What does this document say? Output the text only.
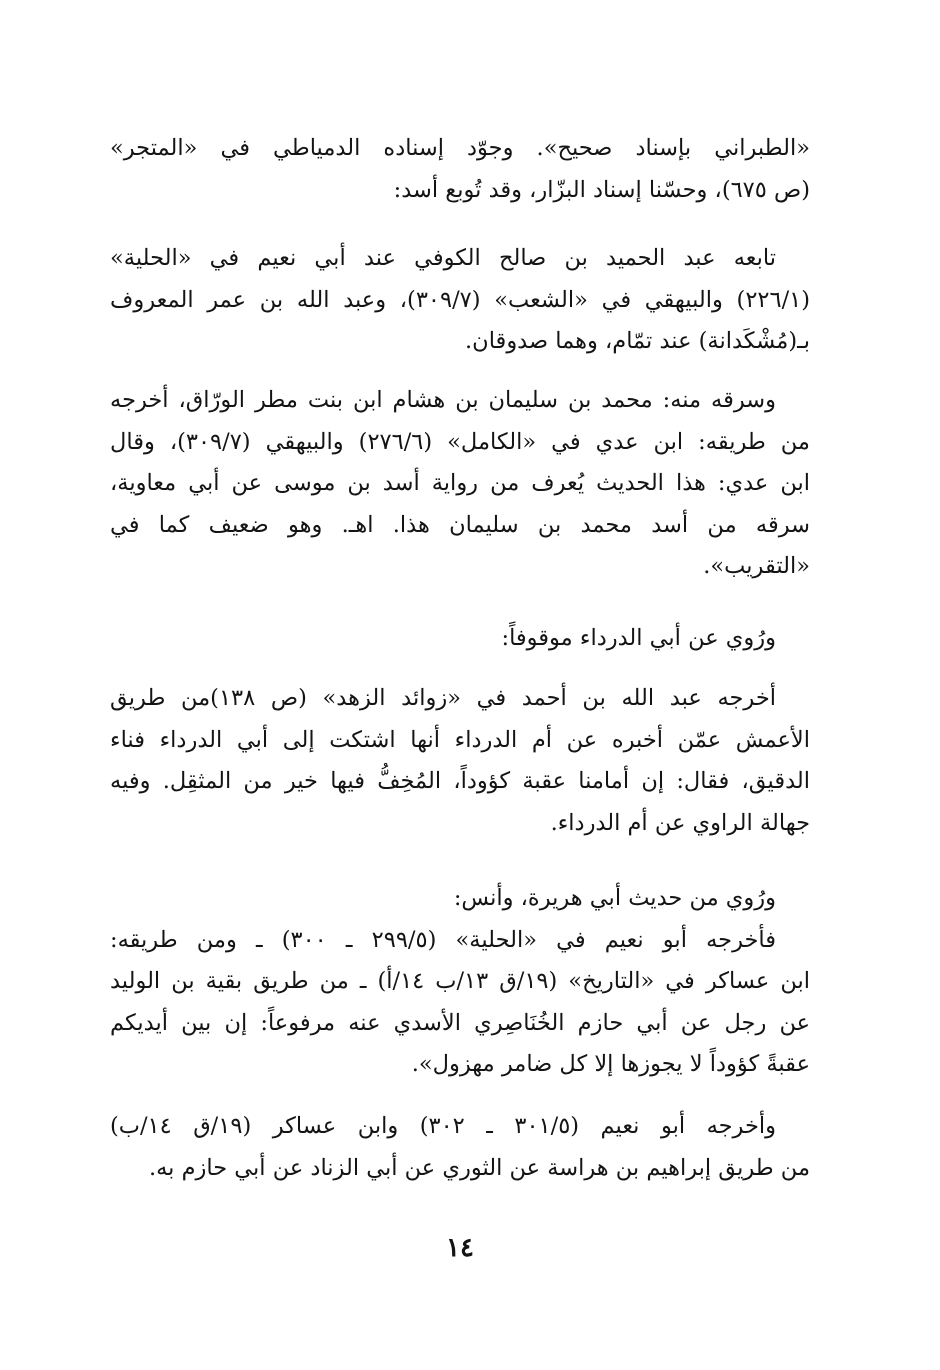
«الطبراني بإسناد صحيح». وجوّد إسناده الدمياطي في «المتجر»
(ص ٦٧٥)، وحسّنا إسناد البزّار، وقد تُوبع أسد:
تابعه عبد الحميد بن صالح الكوفي عند أبي نعيم في «الحلية»
(٢٢٦/١) والبيهقي في «الشعب» (٣٠٩/٧)، وعبد الله بن عمر المعروف
بـ(مُشْكَدانة) عند تمّام، وهما صدوقان.
وسرقه منه: محمد بن سليمان بن هشام ابن بنت مطر الورّاق، أخرجه
من طريقه: ابن عدي في «الكامل» (٢٧٦/٦) والبيهقي (٣٠٩/٧)، وقال
ابن عدي: هذا الحديث يُعرف من رواية أسد بن موسى عن أبي معاوية،
سرقه من أسد محمد بن سليمان هذا. اهـ. وهو ضعيف كما في
«التقريب».
ورُوي عن أبي الدرداء موقوفاً:
أخرجه عبد الله بن أحمد في «زوائد الزهد» (ص ١٣٨)من طريق
الأعمش عمّن أخبره عن أم الدرداء أنها اشتكت إلى أبي الدرداء فناء
الدقيق، فقال: إن أمامنا عقبة كؤوداً، المُخِفُّ فيها خير من المثقِل. وفيه
جهالة الراوي عن أم الدرداء.
ورُوي من حديث أبي هريرة، وأنس:
فأخرجه أبو نعيم في «الحلية» (٢٩٩/٥ ـ ٣٠٠) ـ ومن طريقه:
ابن عساكر في «التاريخ» (١٩/ق ١٣/ب ١٤/أ) ـ من طريق بقية بن الوليد
عن رجل عن أبي حازم الخُنَاصِري الأسدي عنه مرفوعاً: إن بين أيديكم
عقبةً كؤوداً لا يجوزها إلا كل ضامر مهزول».
وأخرجه أبو نعيم (٣٠١/٥ ـ ٣٠٢) وابن عساكر (١٩/ق ١٤/ب)
من طريق إبراهيم بن هراسة عن الثوري عن أبي الزناد عن أبي حازم به.
١٤
